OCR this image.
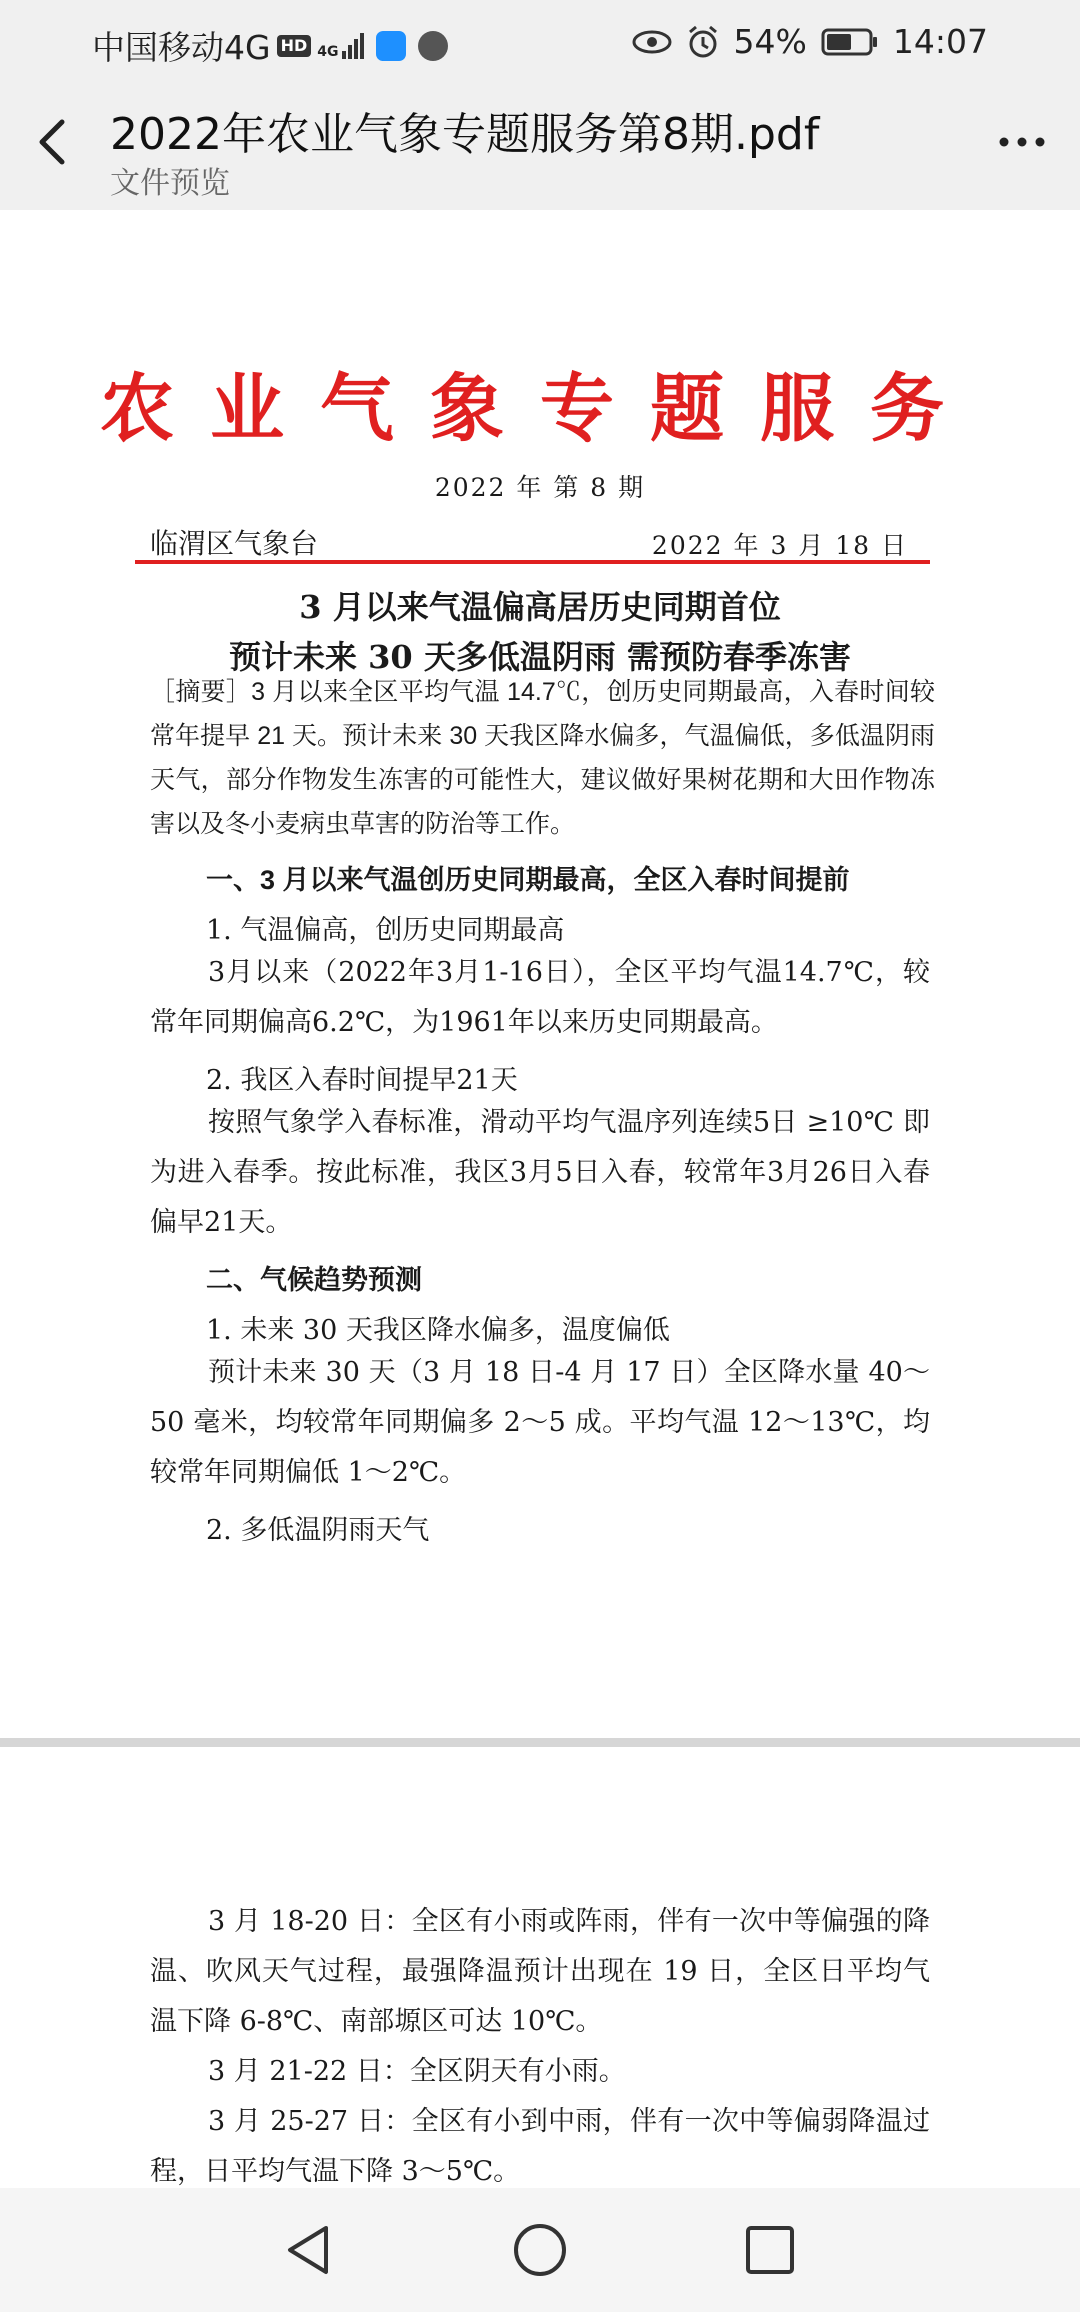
中国移动4G HD 4G	54%	14:07
2022年农业气象专题服务第8期.pdf
文件预览
农业气象专题服务
2022 年 第 8 期
临渭区气象台	2022 年 3 月 18 日
3 月以来气温偏高居历史同期首位
预计未来 30 天多低温阴雨 需预防春季冻害
［摘要］3 月以来全区平均气温 14.7℃，创历史同期最高，入春时间较常年提早 21 天。预计未来 30 天我区降水偏多，气温偏低，多低温阴雨天气，部分作物发生冻害的可能性大，建议做好果树花期和大田作物冻害以及冬小麦病虫草害的防治等工作。
一、3 月以来气温创历史同期最高，全区入春时间提前
1. 气温偏高，创历史同期最高
3月以来（2022年3月1-16日），全区平均气温14.7℃，较常年同期偏高6.2℃，为1961年以来历史同期最高。
2. 我区入春时间提早21天
按照气象学入春标准，滑动平均气温序列连续5日 ≥10℃ 即为进入春季。按此标准，我区3月5日入春，较常年3月26日入春偏早21天。
二、气候趋势预测
1. 未来 30 天我区降水偏多，温度偏低
预计未来 30 天（3 月 18 日-4 月 17 日）全区降水量 40～50 毫米，均较常年同期偏多 2～5 成。平均气温 12～13℃，均较常年同期偏低 1～2℃。
2. 多低温阴雨天气
3 月 18-20 日：全区有小雨或阵雨，伴有一次中等偏强的降温、吹风天气过程，最强降温预计出现在 19 日，全区日平均气温下降 6-8℃、南部塬区可达 10℃。
3 月 21-22 日：全区阴天有小雨。
3 月 25-27 日：全区有小到中雨，伴有一次中等偏弱降温过程，日平均气温下降 3～5℃。
